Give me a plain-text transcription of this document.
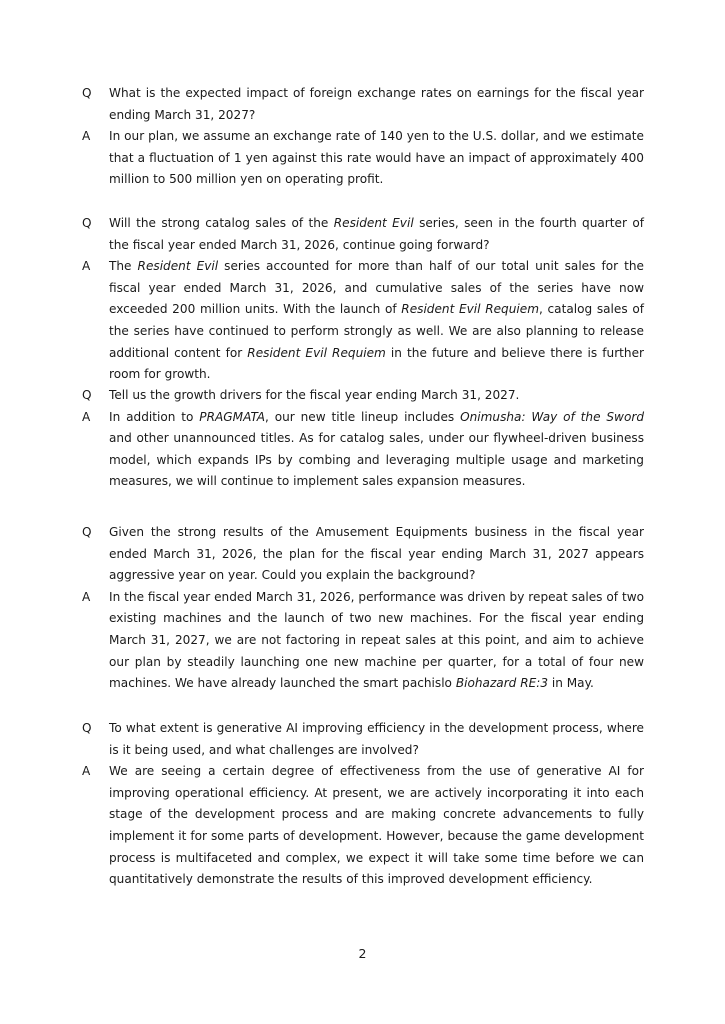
Q	What is the expected impact of foreign exchange rates on earnings for the fiscal year ending March 31, 2027?
A	In our plan, we assume an exchange rate of 140 yen to the U.S. dollar, and we estimate that a fluctuation of 1 yen against this rate would have an impact of approximately 400 million to 500 million yen on operating profit.
Q	Will the strong catalog sales of the Resident Evil series, seen in the fourth quarter of the fiscal year ended March 31, 2026, continue going forward?
A	The Resident Evil series accounted for more than half of our total unit sales for the fiscal year ended March 31, 2026, and cumulative sales of the series have now exceeded 200 million units. With the launch of Resident Evil Requiem, catalog sales of the series have continued to perform strongly as well. We are also planning to release additional content for Resident Evil Requiem in the future and believe there is further room for growth.
Q	Tell us the growth drivers for the fiscal year ending March 31, 2027.
A	In addition to PRAGMATA, our new title lineup includes Onimusha: Way of the Sword and other unannounced titles. As for catalog sales, under our flywheel-driven business model, which expands IPs by combing and leveraging multiple usage and marketing measures, we will continue to implement sales expansion measures.
Q	Given the strong results of the Amusement Equipments business in the fiscal year ended March 31, 2026, the plan for the fiscal year ending March 31, 2027 appears aggressive year on year. Could you explain the background?
A	In the fiscal year ended March 31, 2026, performance was driven by repeat sales of two existing machines and the launch of two new machines. For the fiscal year ending March 31, 2027, we are not factoring in repeat sales at this point, and aim to achieve our plan by steadily launching one new machine per quarter, for a total of four new machines. We have already launched the smart pachislo Biohazard RE:3 in May.
Q	To what extent is generative AI improving efficiency in the development process, where is it being used, and what challenges are involved?
A	We are seeing a certain degree of effectiveness from the use of generative AI for improving operational efficiency. At present, we are actively incorporating it into each stage of the development process and are making concrete advancements to fully implement it for some parts of development. However, because the game development process is multifaceted and complex, we expect it will take some time before we can quantitatively demonstrate the results of this improved development efficiency.
2
